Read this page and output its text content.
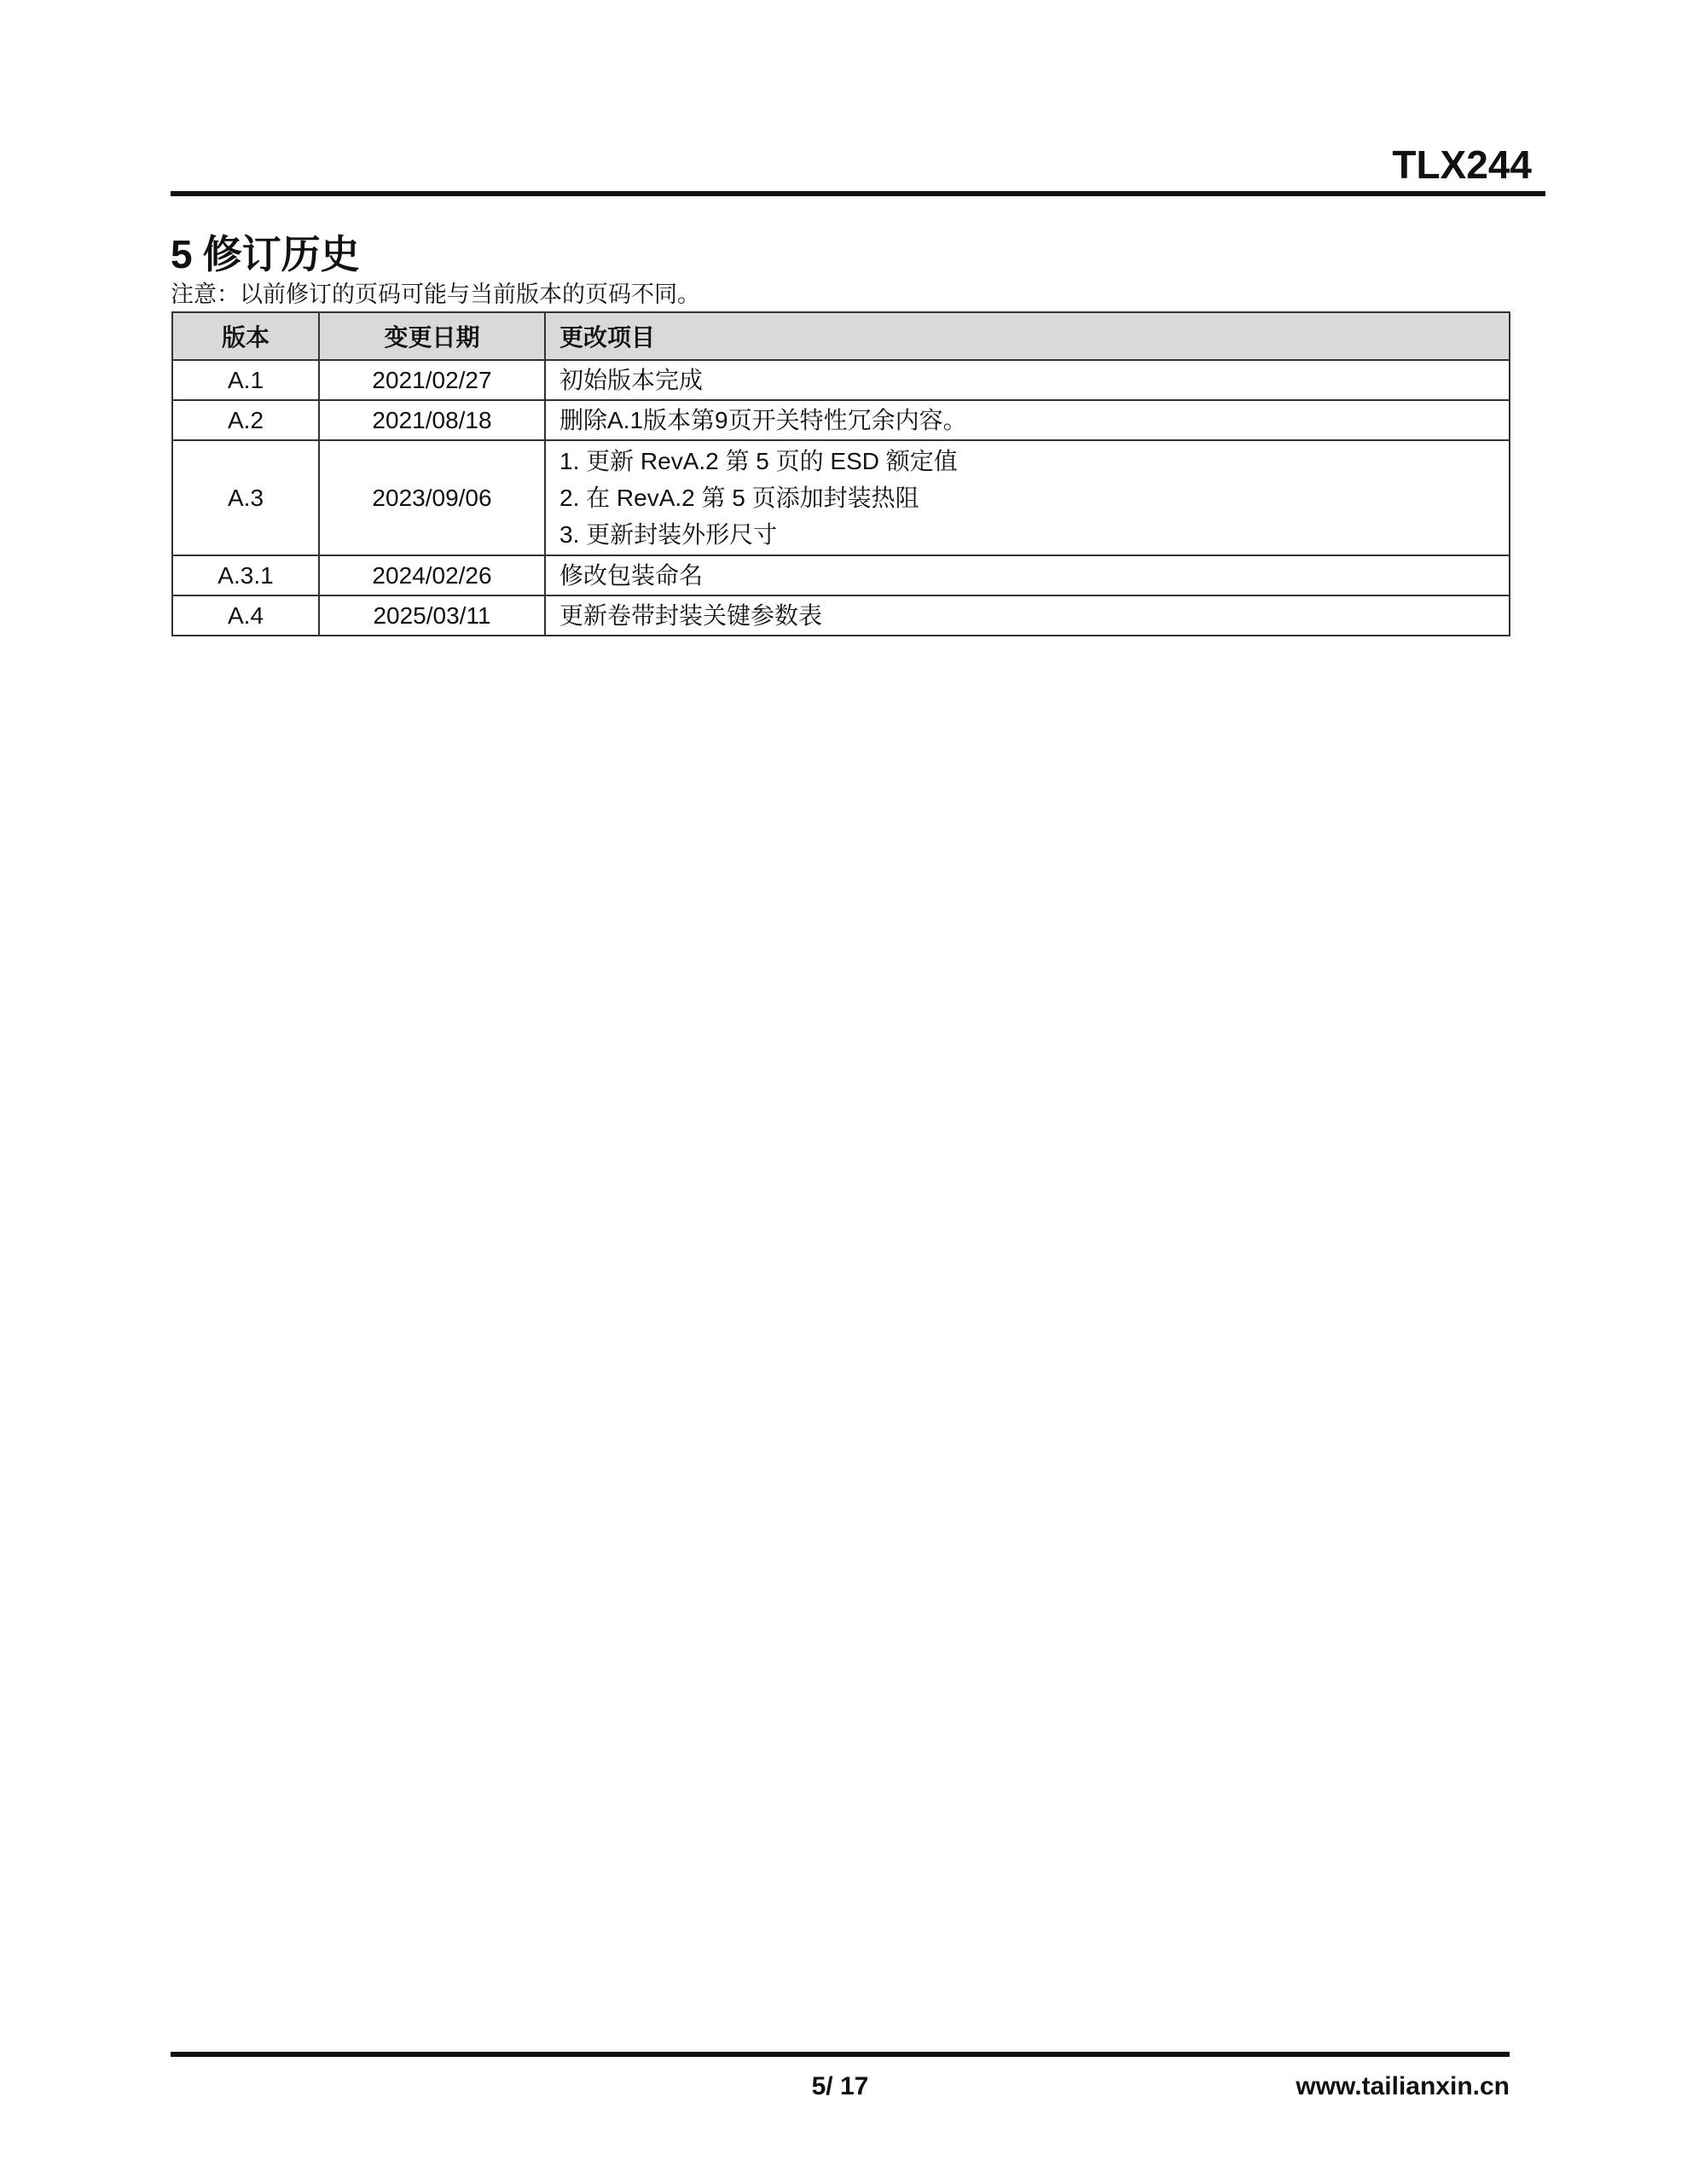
TLX244
5 修订历史
注意：以前修订的页码可能与当前版本的页码不同。
版本	变更日期	更改项目
A.1	2021/02/27	初始版本完成

A.2	2021/08/18	删除A.1版本第9页开关特性冗余内容。

A.3	2023/09/06	1. 更新 RevA.2 第 5 页的 ESD 额定值
2. 在 RevA.2 第 5 页添加封装热阻
3. 更新封装外形尺寸

A.3.1	2024/02/26	修改包装命名

A.4	2025/03/11	更新卷带封装关键参数表
5/ 17	www.tailianxin.cn
